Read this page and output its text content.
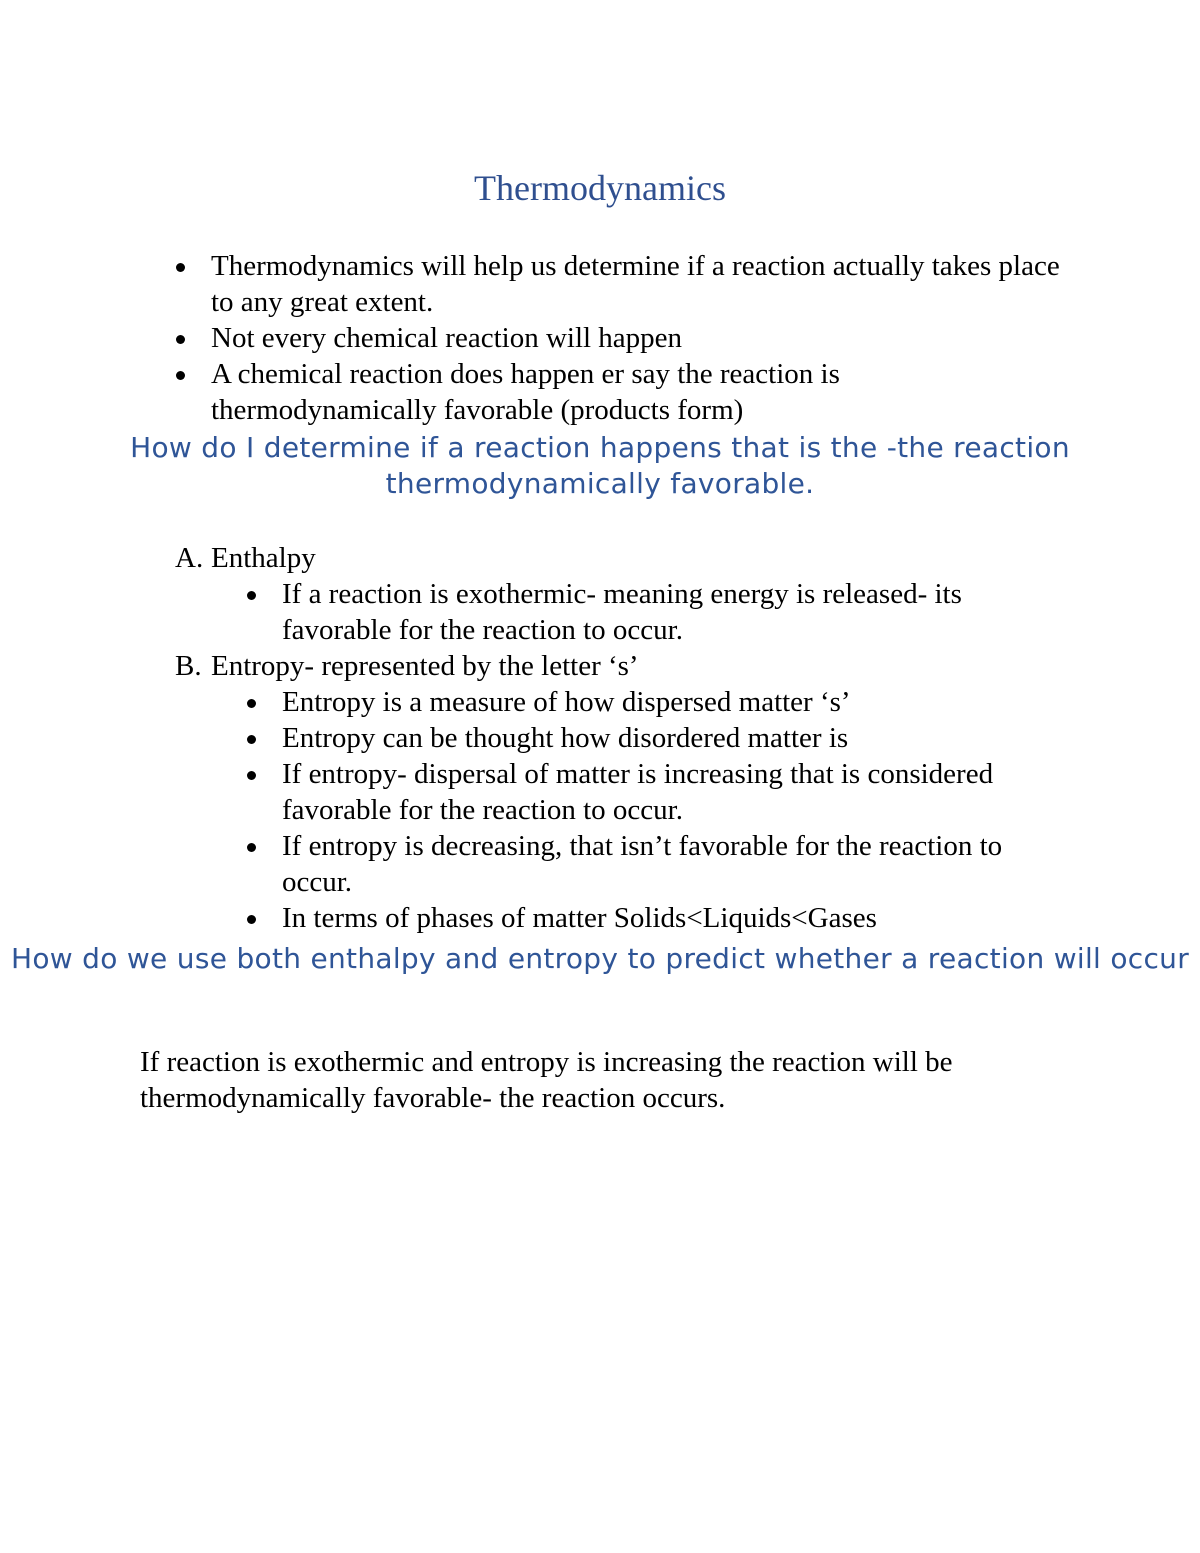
Thermodynamics
Thermodynamics will help us determine if a reaction actually takes place to any great extent.
Not every chemical reaction will happen
A chemical reaction does happen er say the reaction is thermodynamically favorable (products form)
How do I determine if a reaction happens that is the -the reaction thermodynamically favorable.
A. Enthalpy
If a reaction is exothermic- meaning energy is released- its favorable for the reaction to occur.
B. Entropy- represented by the letter ‘s’
Entropy is a measure of how dispersed matter ‘s’
Entropy can be thought how disordered matter is
If entropy- dispersal of matter is increasing that is considered favorable for the reaction to occur.
If entropy is decreasing, that isn’t favorable for the reaction to occur.
In terms of phases of matter Solids<Liquids<Gases
How do we use both enthalpy and entropy to predict whether a reaction will occur
If reaction is exothermic and entropy is increasing the reaction will be thermodynamically favorable- the reaction occurs.
